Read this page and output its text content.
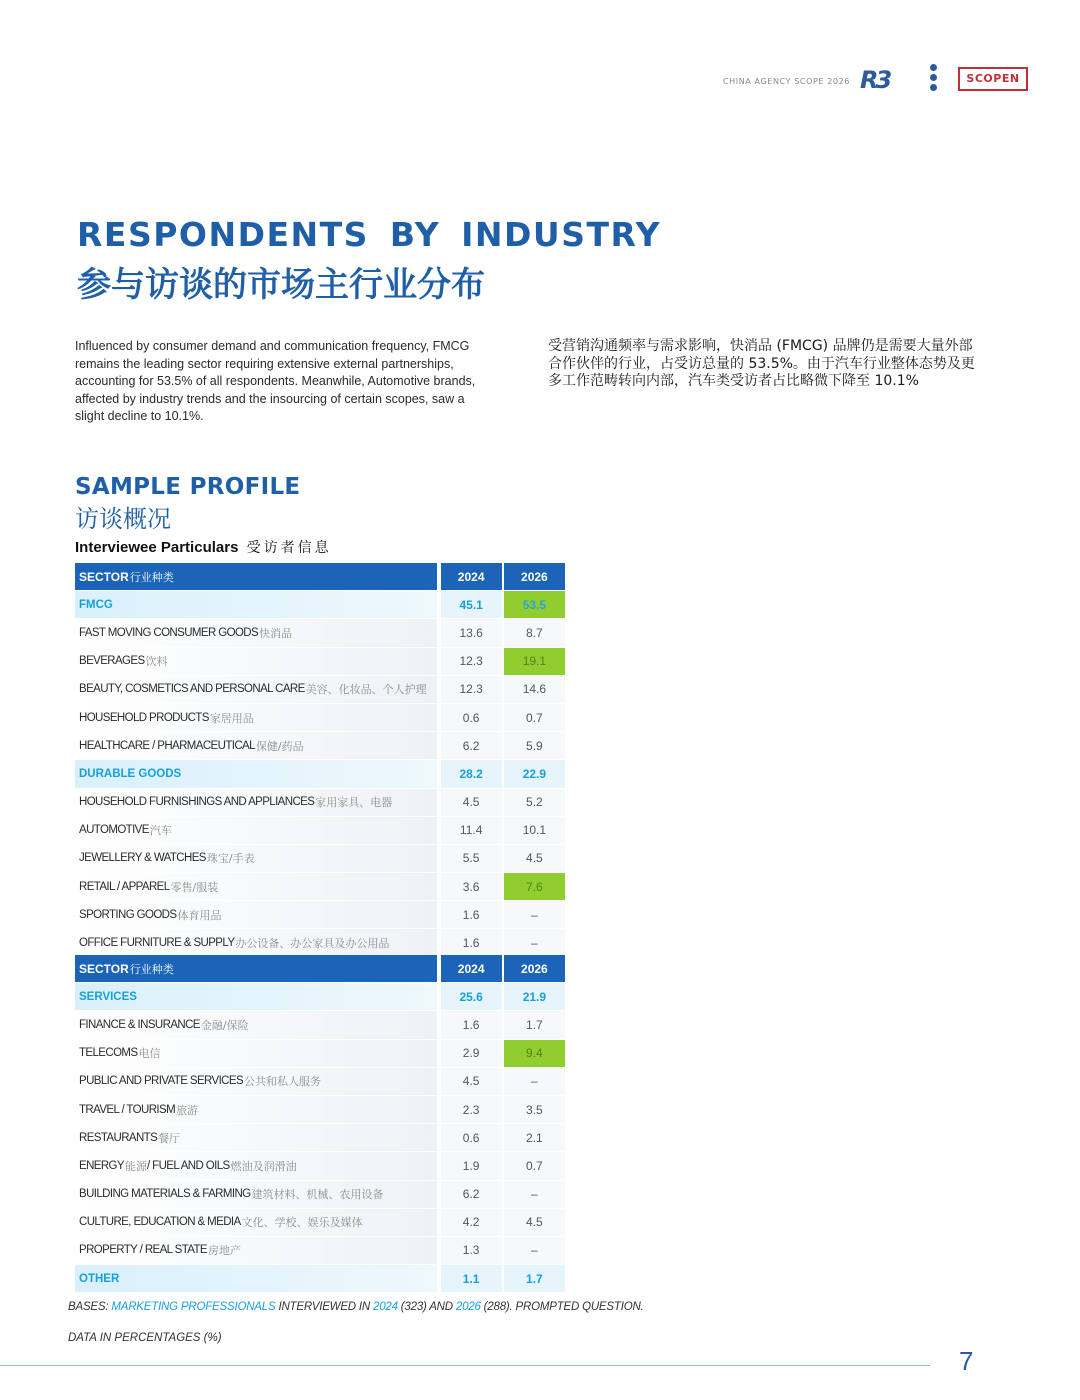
CHINA AGENCY SCOPE 2026 R3	SCOPEN
RESPONDENTS BY INDUSTRY
参与访谈的市场主行业分布
Influenced by consumer demand and communication frequency, FMCG remains the leading sector requiring extensive external partnerships, accounting for 53.5% of all respondents. Meanwhile, Automotive brands, affected by industry trends and the insourcing of certain scopes, saw a slight decline to 10.1%.
受营销沟通频率与需求影响，快消品 (FMCG) 品牌仍是需要大量外部合作伙伴的行业，占受访总量的 53.5%。由于汽车行业整体态势及更多工作范畴转向内部，汽车类受访者占比略微下降至 10.1%
SAMPLE PROFILE
访谈概况
Interviewee Particulars 受访者信息
SECTOR 行业种类	2024	2026
FMCG	45.1	53.5
FAST MOVING CONSUMER GOODS 快消品	13.6	8.7
BEVERAGES 饮料	12.3	19.1
BEAUTY, COSMETICS AND PERSONAL CARE 美容、化妆品、个人护理	12.3	14.6
HOUSEHOLD PRODUCTS 家居用品	0.6	0.7
HEALTHCARE / PHARMACEUTICAL 保健/药品	6.2	5.9
DURABLE GOODS	28.2	22.9
HOUSEHOLD FURNISHINGS AND APPLIANCES 家用家具、电器	4.5	5.2
AUTOMOTIVE 汽车	11.4	10.1
JEWELLERY & WATCHES 珠宝/手表	5.5	4.5
RETAIL / APPAREL 零售/服装	3.6	7.6
SPORTING GOODS 体育用品	1.6	–
OFFICE FURNITURE & SUPPLY 办公设备、办公家具及办公用品	1.6	–
SECTOR 行业种类	2024	2026
SERVICES	25.6	21.9
FINANCE & INSURANCE 金融/保险	1.6	1.7
TELECOMS 电信	2.9	9.4
PUBLIC AND PRIVATE SERVICES 公共和私人服务	4.5	–
TRAVEL / TOURISM 旅游	2.3	3.5
RESTAURANTS 餐厅	0.6	2.1
ENERGY 能源 / FUEL AND OILS 燃油及润滑油	1.9	0.7
BUILDING MATERIALS & FARMING 建筑材料、机械、农用设备	6.2	–
CULTURE, EDUCATION & MEDIA 文化、学校、娱乐及媒体	4.2	4.5
PROPERTY / REAL STATE 房地产	1.3	–
OTHER	1.1	1.7
BASES: MARKETING PROFESSIONALS INTERVIEWED IN 2024 (323) AND 2026 (288). PROMPTED QUESTION.
DATA IN PERCENTAGES (%)
7
